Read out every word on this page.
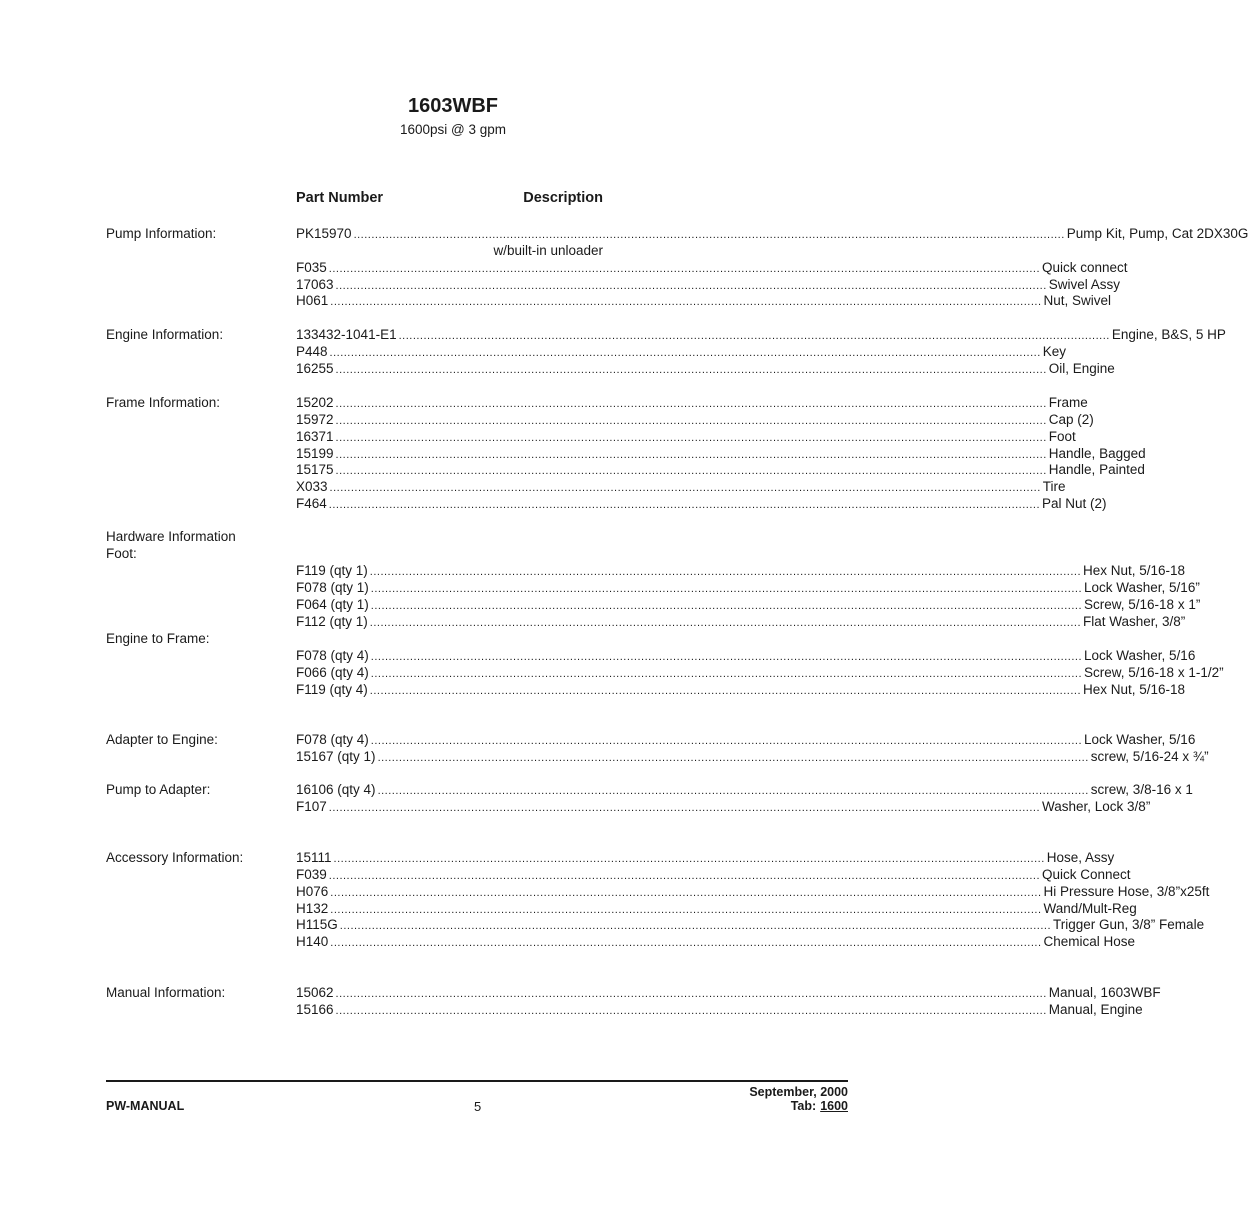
1603WBF
1600psi @ 3 gpm
Part Number	Description
Pump Information:	PK15970 ........................................................................................................................................................................................................ Pump Kit, Pump, Cat 2DX30G
w/built-in unloader
F035 ........................................................................................................................................................................................................ Quick connect
17063 ........................................................................................................................................................................................................ Swivel Assy
H061 ........................................................................................................................................................................................................ Nut, Swivel
Engine Information:	133432-1041-E1 ........................................................................................................................................................................................................ Engine, B&S, 5 HP
P448 ........................................................................................................................................................................................................ Key
16255 ........................................................................................................................................................................................................ Oil, Engine
Frame Information:	15202 ........................................................................................................................................................................................................ Frame
15972 ........................................................................................................................................................................................................ Cap (2)
16371 ........................................................................................................................................................................................................ Foot
15199 ........................................................................................................................................................................................................ Handle, Bagged
15175 ........................................................................................................................................................................................................ Handle, Painted
X033 ........................................................................................................................................................................................................ Tire
F464 ........................................................................................................................................................................................................ Pal Nut (2)
Hardware Information
Foot:
F119 (qty 1) ........................................................................................................................................................................................................ Hex Nut, 5/16-18
F078 (qty 1) ........................................................................................................................................................................................................ Lock Washer, 5/16”
F064 (qty 1) ........................................................................................................................................................................................................ Screw, 5/16-18 x 1”
F112 (qty 1) ........................................................................................................................................................................................................ Flat Washer, 3/8”
Engine to Frame:
F078 (qty 4) ........................................................................................................................................................................................................ Lock Washer, 5/16
F066 (qty 4) ........................................................................................................................................................................................................ Screw, 5/16-18 x 1-1/2”
F119 (qty 4) ........................................................................................................................................................................................................ Hex Nut, 5/16-18
Adapter to Engine:	F078 (qty 4) ........................................................................................................................................................................................................ Lock Washer, 5/16
15167 (qty 1) ........................................................................................................................................................................................................ screw, 5/16-24 x ¾”
Pump to Adapter:	16106 (qty 4) ........................................................................................................................................................................................................ screw, 3/8-16 x 1
F107 ........................................................................................................................................................................................................ Washer, Lock 3/8”
Accessory Information:	15111 ........................................................................................................................................................................................................ Hose, Assy
F039 ........................................................................................................................................................................................................ Quick Connect
H076 ........................................................................................................................................................................................................ Hi Pressure Hose, 3/8”x25ft
H132 ........................................................................................................................................................................................................ Wand/Mult-Reg
H115G ........................................................................................................................................................................................................ Trigger Gun, 3/8” Female
H140 ........................................................................................................................................................................................................ Chemical Hose
Manual Information:	15062 ........................................................................................................................................................................................................ Manual, 1603WBF
15166 ........................................................................................................................................................................................................ Manual, Engine
PW-MANUAL	5
September, 2000
Tab: 1600
